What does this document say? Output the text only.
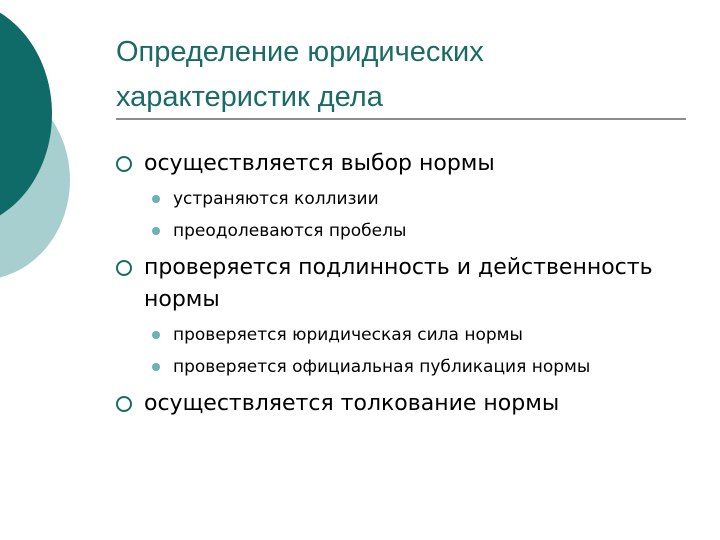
Определение юридических характеристик дела
осуществляется выбор нормы
устраняются коллизии
преодолеваются пробелы
проверяется подлинность и действенность нормы
проверяется юридическая сила нормы
проверяется официальная публикация нормы
осуществляется толкование нормы
